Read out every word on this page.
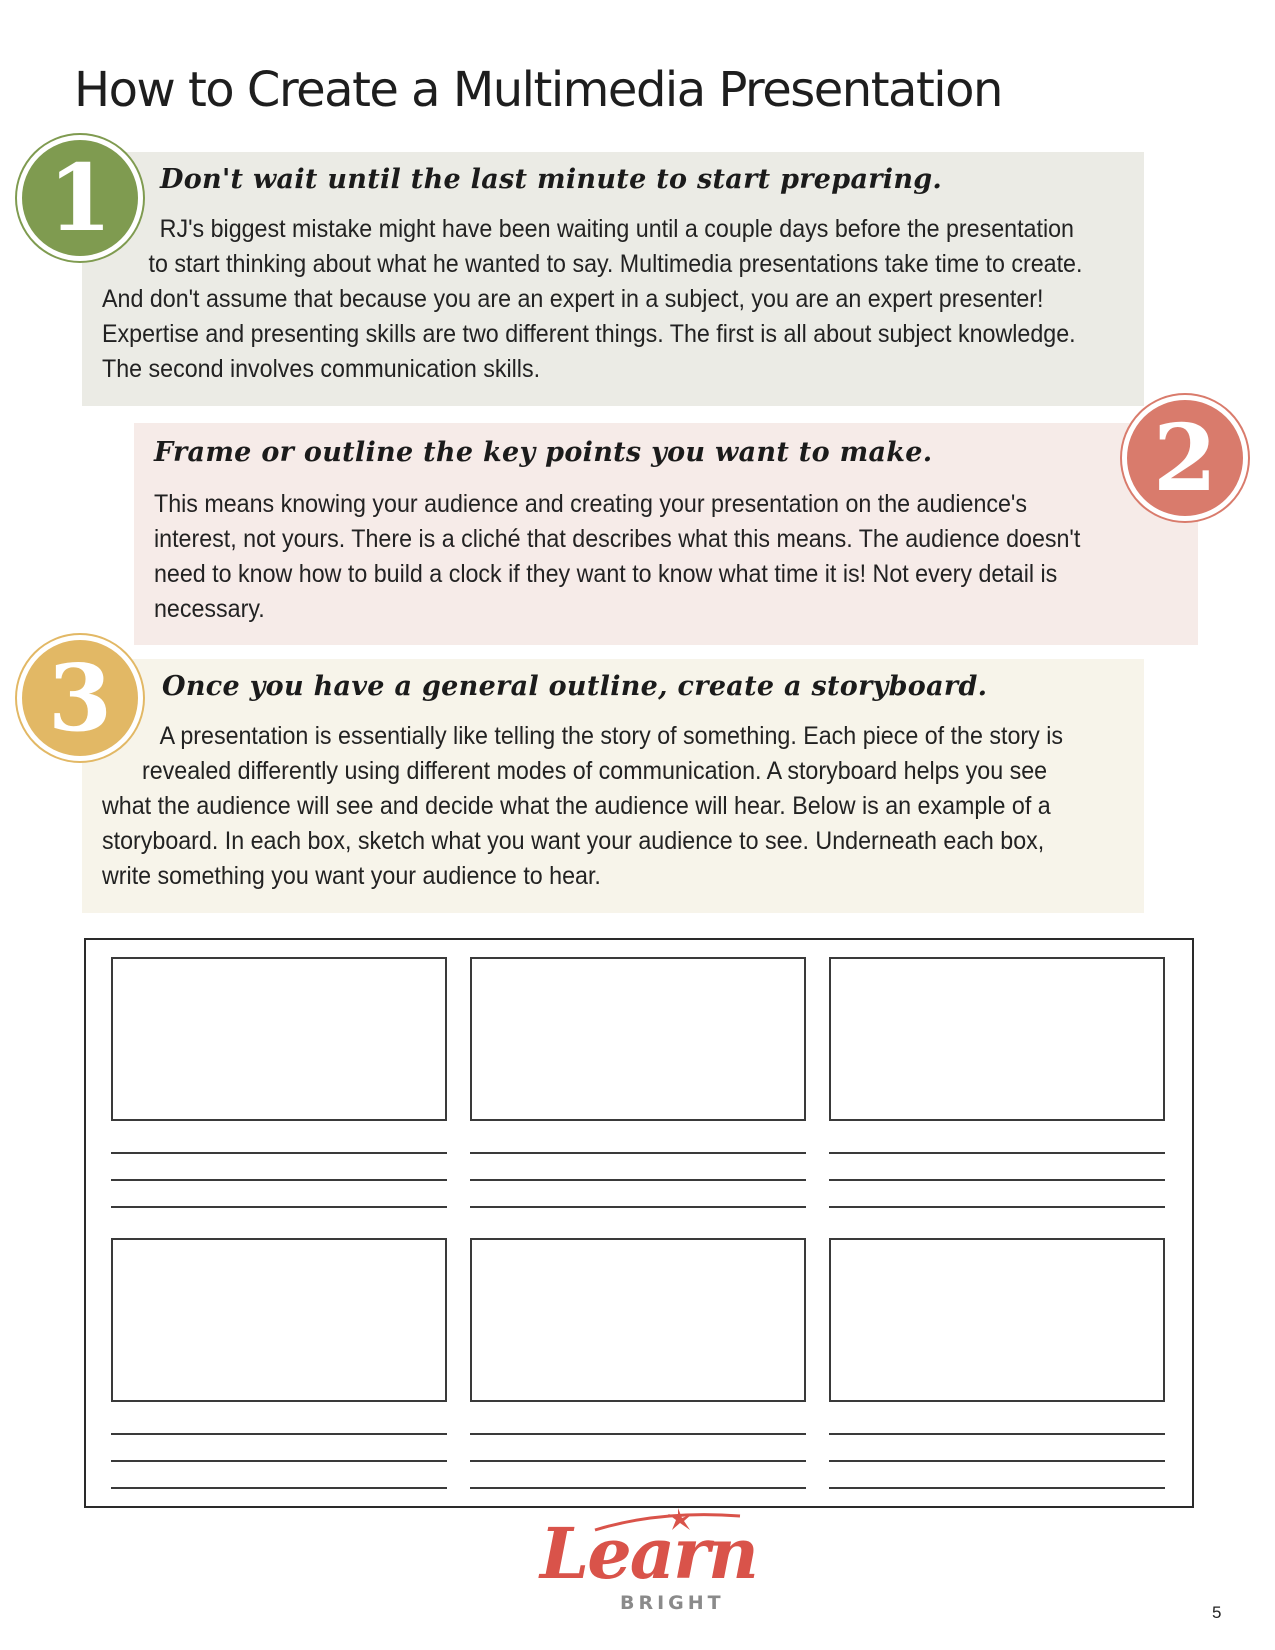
How to Create a Multimedia Presentation
Don't wait until the last minute to start preparing.

RJ's biggest mistake might have been waiting until a couple days before the presentation
to start thinking about what he wanted to say. Multimedia presentations take time to create.
And don't assume that because you are an expert in a subject, you are an expert presenter!
Expertise and presenting skills are two different things. The first is all about subject knowledge.
The second involves communication skills.

1
Frame or outline the key points you want to make.

This means knowing your audience and creating your presentation on the audience's
interest, not yours. There is a cliché that describes what this means. The audience doesn't
need to know how to build a clock if they want to know what time it is! Not every detail is
necessary.

2
Once you have a general outline, create a storyboard.

A presentation is essentially like telling the story of something. Each piece of the story is
revealed differently using different modes of communication. A storyboard helps you see
what the audience will see and decide what the audience will hear. Below is an example of a
storyboard. In each box, sketch what you want your audience to see. Underneath each box,
write something you want your audience to hear.

3
Learn
BRIGHT	5
